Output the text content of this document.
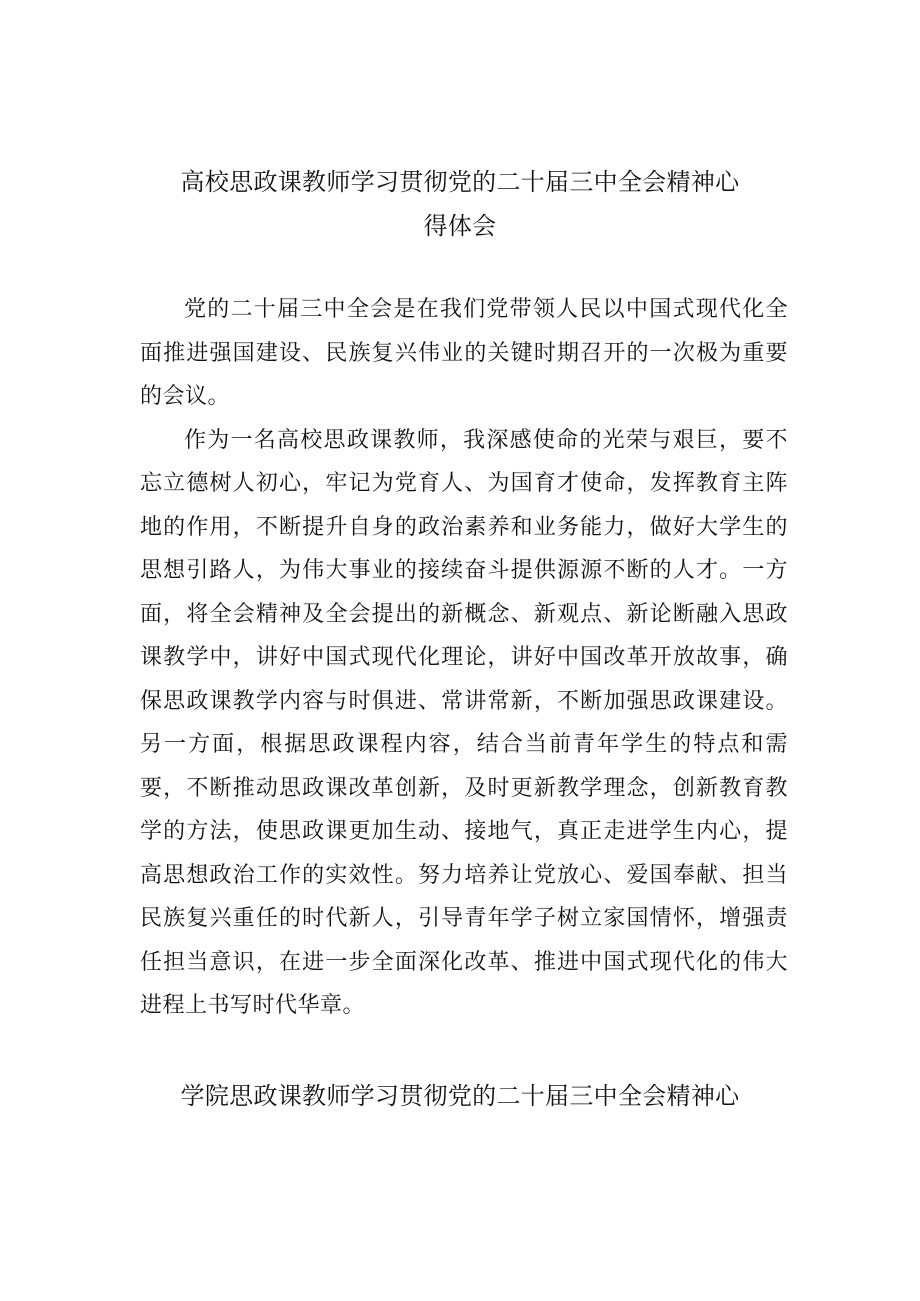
高校思政课教师学习贯彻党的二十届三中全会精神心
得体会

党的二十届三中全会是在我们党带领人民以中国式现代化全面推进强国建设、民族复兴伟业的关键时期召开的一次极为重要的会议。

作为一名高校思政课教师，我深感使命的光荣与艰巨，要不忘立德树人初心，牢记为党育人、为国育才使命，发挥教育主阵地的作用，不断提升自身的政治素养和业务能力，做好大学生的思想引路人，为伟大事业的接续奋斗提供源源不断的人才。一方面，将全会精神及全会提出的新概念、新观点、新论断融入思政课教学中，讲好中国式现代化理论，讲好中国改革开放故事，确保思政课教学内容与时俱进、常讲常新，不断加强思政课建设。另一方面，根据思政课程内容，结合当前青年学生的特点和需要，不断推动思政课改革创新，及时更新教学理念，创新教育教学的方法，使思政课更加生动、接地气，真正走进学生内心，提高思想政治工作的实效性。努力培养让党放心、爱国奉献、担当民族复兴重任的时代新人，引导青年学子树立家国情怀，增强责任担当意识，在进一步全面深化改革、推进中国式现代化的伟大进程上书写时代华章。

学院思政课教师学习贯彻党的二十届三中全会精神心
